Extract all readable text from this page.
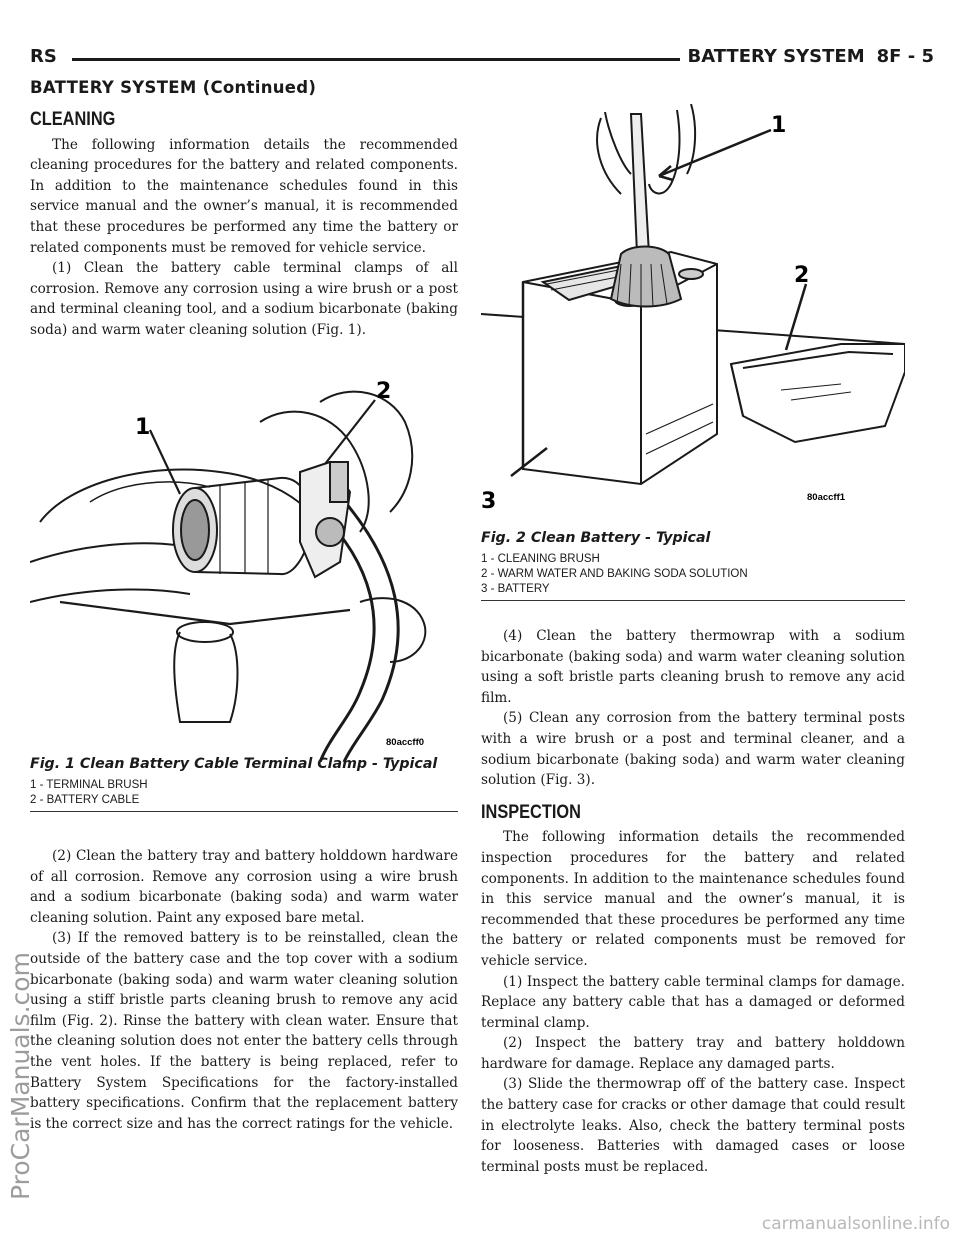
RS	BATTERY SYSTEM 8F - 5
BATTERY SYSTEM (Continued)
CLEANING

The following information details the recommended cleaning procedures for the battery and related components. In addition to the maintenance schedules found in this service manual and the owner’s manual, it is recommended that these procedures be performed any time the battery or related components must be removed for vehicle service.

(1) Clean the battery cable terminal clamps of all corrosion. Remove any corrosion using a wire brush or a post and terminal cleaning tool, and a sodium bicarbonate (baking soda) and warm water cleaning solution (Fig. 1).

1
2
80accff0
Fig. 1 Clean Battery Cable Terminal Clamp - Typical
1 - TERMINAL BRUSH
2 - BATTERY CABLE

(2) Clean the battery tray and battery holddown hardware of all corrosion. Remove any corrosion using a wire brush and a sodium bicarbonate (baking soda) and warm water cleaning solution. Paint any exposed bare metal.

(3) If the removed battery is to be reinstalled, clean the outside of the battery case and the top cover with a sodium bicarbonate (baking soda) and warm water cleaning solution using a stiff bristle parts cleaning brush to remove any acid film (Fig. 2). Rinse the battery with clean water. Ensure that the cleaning solution does not enter the battery cells through the vent holes. If the battery is being replaced, refer to Battery System Specifications for the factory-installed battery specifications. Confirm that the replacement battery is the correct size and has the correct ratings for the vehicle.

1
2
3	80accff1
Fig. 2 Clean Battery - Typical
1 - CLEANING BRUSH
2 - WARM WATER AND BAKING SODA SOLUTION
3 - BATTERY

(4) Clean the battery thermowrap with a sodium bicarbonate (baking soda) and warm water cleaning solution using a soft bristle parts cleaning brush to remove any acid film.

(5) Clean any corrosion from the battery terminal posts with a wire brush or a post and terminal cleaner, and a sodium bicarbonate (baking soda) and warm water cleaning solution (Fig. 3).

INSPECTION

The following information details the recommended inspection procedures for the battery and related components. In addition to the maintenance schedules found in this service manual and the owner’s manual, it is recommended that these procedures be performed any time the battery or related components must be removed for vehicle service.

(1) Inspect the battery cable terminal clamps for damage. Replace any battery cable that has a damaged or deformed terminal clamp.

(2) Inspect the battery tray and battery holddown hardware for damage. Replace any damaged parts.

(3) Slide the thermowrap off of the battery case. Inspect the battery case for cracks or other damage that could result in electrolyte leaks. Also, check the battery terminal posts for looseness. Batteries with damaged cases or loose terminal posts must be replaced.

ProCarManuals.com
carmanualsonline.info
